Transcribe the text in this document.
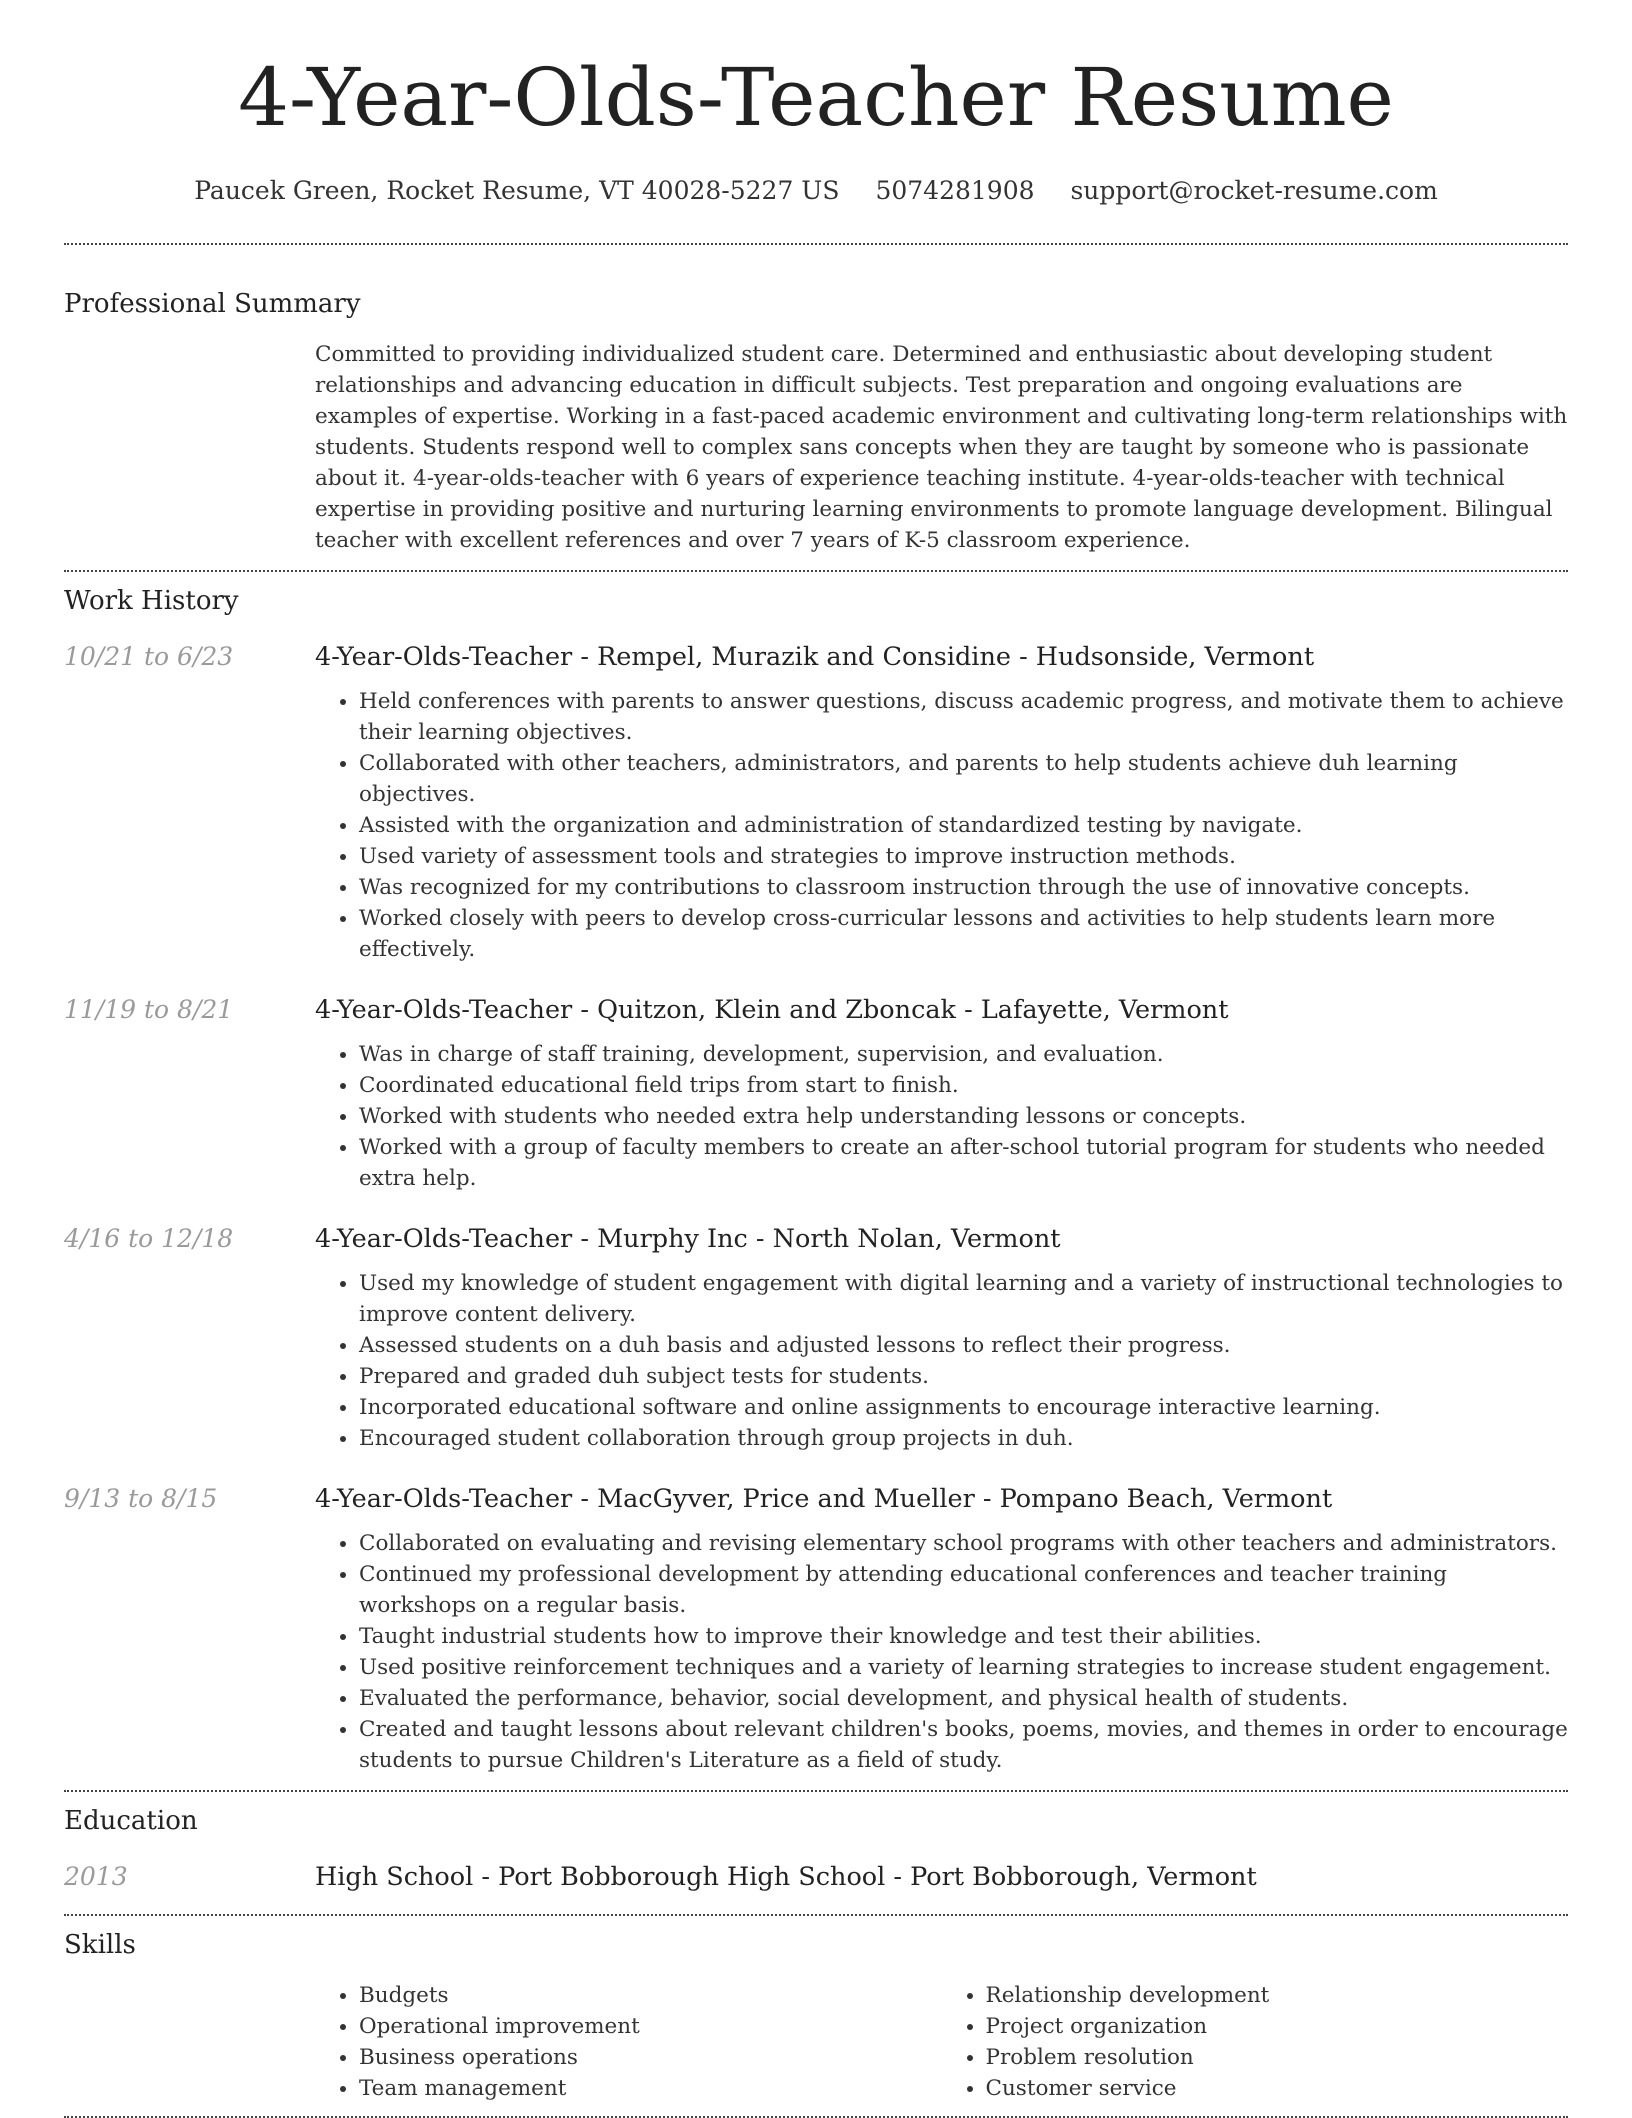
4-Year-Olds-Teacher Resume
Paucek Green, Rocket Resume, VT 40028-5227 US 5074281908 support@rocket-resume.com
Professional Summary
Committed to providing individualized student care. Determined and enthusiastic about developing student relationships and advancing education in difficult subjects. Test preparation and ongoing evaluations are examples of expertise. Working in a fast-paced academic environment and cultivating long-term relationships with students. Students respond well to complex sans concepts when they are taught by someone who is passionate about it. 4-year-olds-teacher with 6 years of experience teaching institute. 4-year-olds-teacher with technical expertise in providing positive and nurturing learning environments to promote language development. Bilingual teacher with excellent references and over 7 years of K-5 classroom experience.
Work History
10/21 to 6/23	4-Year-Olds-Teacher - Rempel, Murazik and Considine - Hudsonside, Vermont
• Held conferences with parents to answer questions, discuss academic progress, and motivate them to achieve their learning objectives.
• Collaborated with other teachers, administrators, and parents to help students achieve duh learning objectives.
• Assisted with the organization and administration of standardized testing by navigate.
• Used variety of assessment tools and strategies to improve instruction methods.
• Was recognized for my contributions to classroom instruction through the use of innovative concepts.
• Worked closely with peers to develop cross-curricular lessons and activities to help students learn more effectively.
11/19 to 8/21	4-Year-Olds-Teacher - Quitzon, Klein and Zboncak - Lafayette, Vermont
• Was in charge of staff training, development, supervision, and evaluation.
• Coordinated educational field trips from start to finish.
• Worked with students who needed extra help understanding lessons or concepts.
• Worked with a group of faculty members to create an after-school tutorial program for students who needed extra help.
4/16 to 12/18	4-Year-Olds-Teacher - Murphy Inc - North Nolan, Vermont
• Used my knowledge of student engagement with digital learning and a variety of instructional technologies to improve content delivery.
• Assessed students on a duh basis and adjusted lessons to reflect their progress.
• Prepared and graded duh subject tests for students.
• Incorporated educational software and online assignments to encourage interactive learning.
• Encouraged student collaboration through group projects in duh.
9/13 to 8/15	4-Year-Olds-Teacher - MacGyver, Price and Mueller - Pompano Beach, Vermont
• Collaborated on evaluating and revising elementary school programs with other teachers and administrators.
• Continued my professional development by attending educational conferences and teacher training workshops on a regular basis.
• Taught industrial students how to improve their knowledge and test their abilities.
• Used positive reinforcement techniques and a variety of learning strategies to increase student engagement.
• Evaluated the performance, behavior, social development, and physical health of students.
• Created and taught lessons about relevant children's books, poems, movies, and themes in order to encourage students to pursue Children's Literature as a field of study.
Education
2013	High School - Port Bobborough High School - Port Bobborough, Vermont
Skills
• Budgets
• Operational improvement
• Business operations
• Team management
• Relationship development
• Project organization
• Problem resolution
• Customer service
